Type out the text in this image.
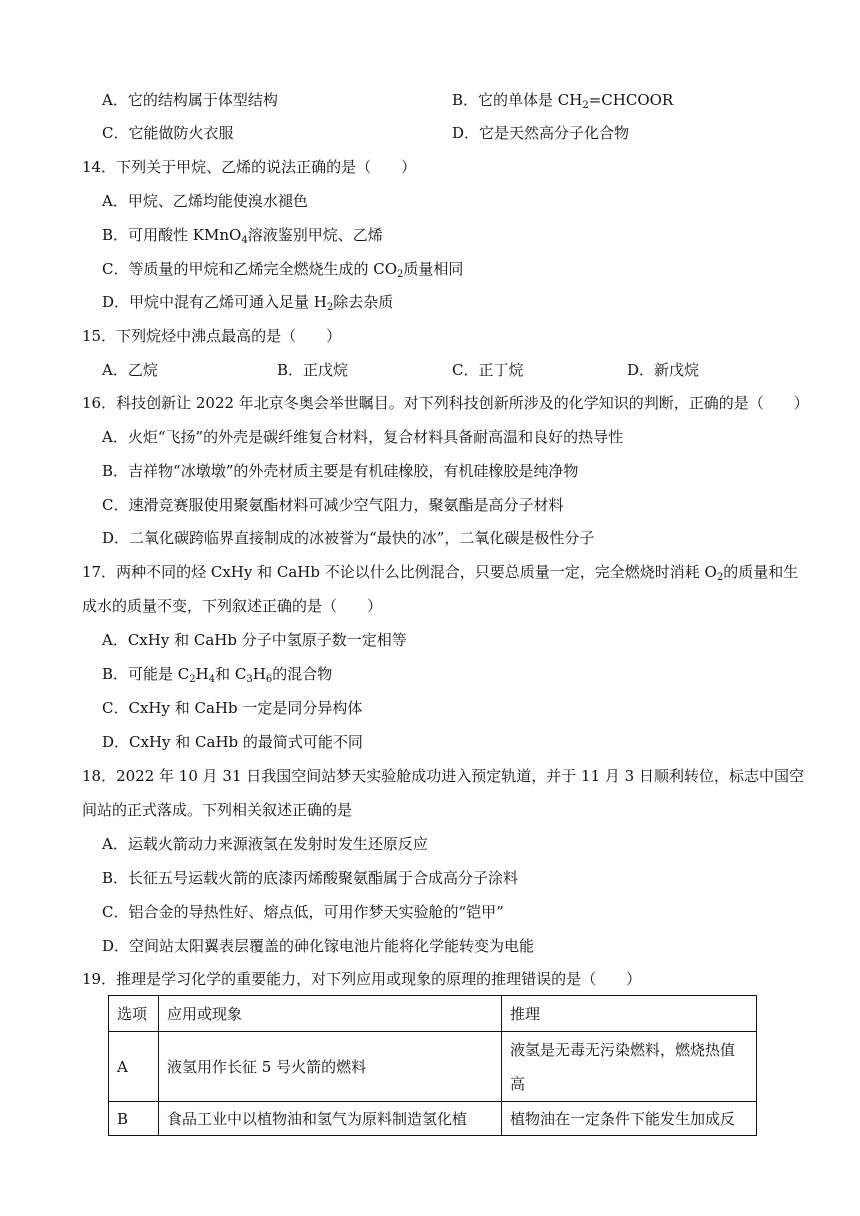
A．它的结构属于体型结构	B．它的单体是 $CH_2=CHCOOR$
C．它能做防火衣服	D．它是天然高分子化合物
14．下列关于甲烷、乙烯的说法正确的是（　　）
A．甲烷、乙烯均能使溴水褪色
B．可用酸性 KMnO$_4$溶液鉴别甲烷、乙烯
C．等质量的甲烷和乙烯完全燃烧生成的 $CO_2$质量相同
D．甲烷中混有乙烯可通入足量 $H_2$除去杂质
15．下列烷烃中沸点最高的是（　　）
A．乙烷	B．正戊烷	C．正丁烷	D．新戊烷
16．科技创新让 2022 年北京冬奥会举世瞩目。对下列科技创新所涉及的化学知识的判断，正确的是（　　）
A．火炬“飞扬”的外壳是碳纤维复合材料，复合材料具备耐高温和良好的热导性
B．吉祥物“冰墩墩”的外壳材质主要是有机硅橡胶，有机硅橡胶是纯净物
C．速滑竞赛服使用聚氨酯材料可减少空气阻力，聚氨酯是高分子材料
D．二氧化碳跨临界直接制成的冰被誉为“最快的冰”，二氧化碳是极性分子
17．两种不同的烃 CxHy 和 CaHb 不论以什么比例混合，只要总质量一定，完全燃烧时消耗 $O_2$的质量和生
成水的质量不变，下列叙述正确的是（　　）
A．CxHy 和 CaHb 分子中氢原子数一定相等
B．可能是 $C_2H_4$和 $C_3H_6$的混合物
C．CxHy 和 CaHb 一定是同分异构体
D．CxHy 和 CaHb 的最简式可能不同
18．2022 年 10 月 31 日我国空间站梦天实验舱成功进入预定轨道，并于 11 月 3 日顺利转位，标志中国空
间站的正式落成。下列相关叙述正确的是
A．运载火箭动力来源液氢在发射时发生还原反应
B．长征五号运载火箭的底漆丙烯酸聚氨酯属于合成高分子涂料
C．铝合金的导热性好、熔点低，可用作梦天实验舱的“铠甲”
D．空间站太阳翼表层覆盖的砷化镓电池片能将化学能转变为电能
19．推理是学习化学的重要能力，对下列应用或现象的原理的推理错误的是（　　）
选项	应用或现象	推理
A	液氢用作长征 5 号火箭的燃料	液氢是无毒无污染燃料，燃烧热值
高

B	食品工业中以植物油和氢气为原料制造氢化植	植物油在一定条件下能发生加成反
